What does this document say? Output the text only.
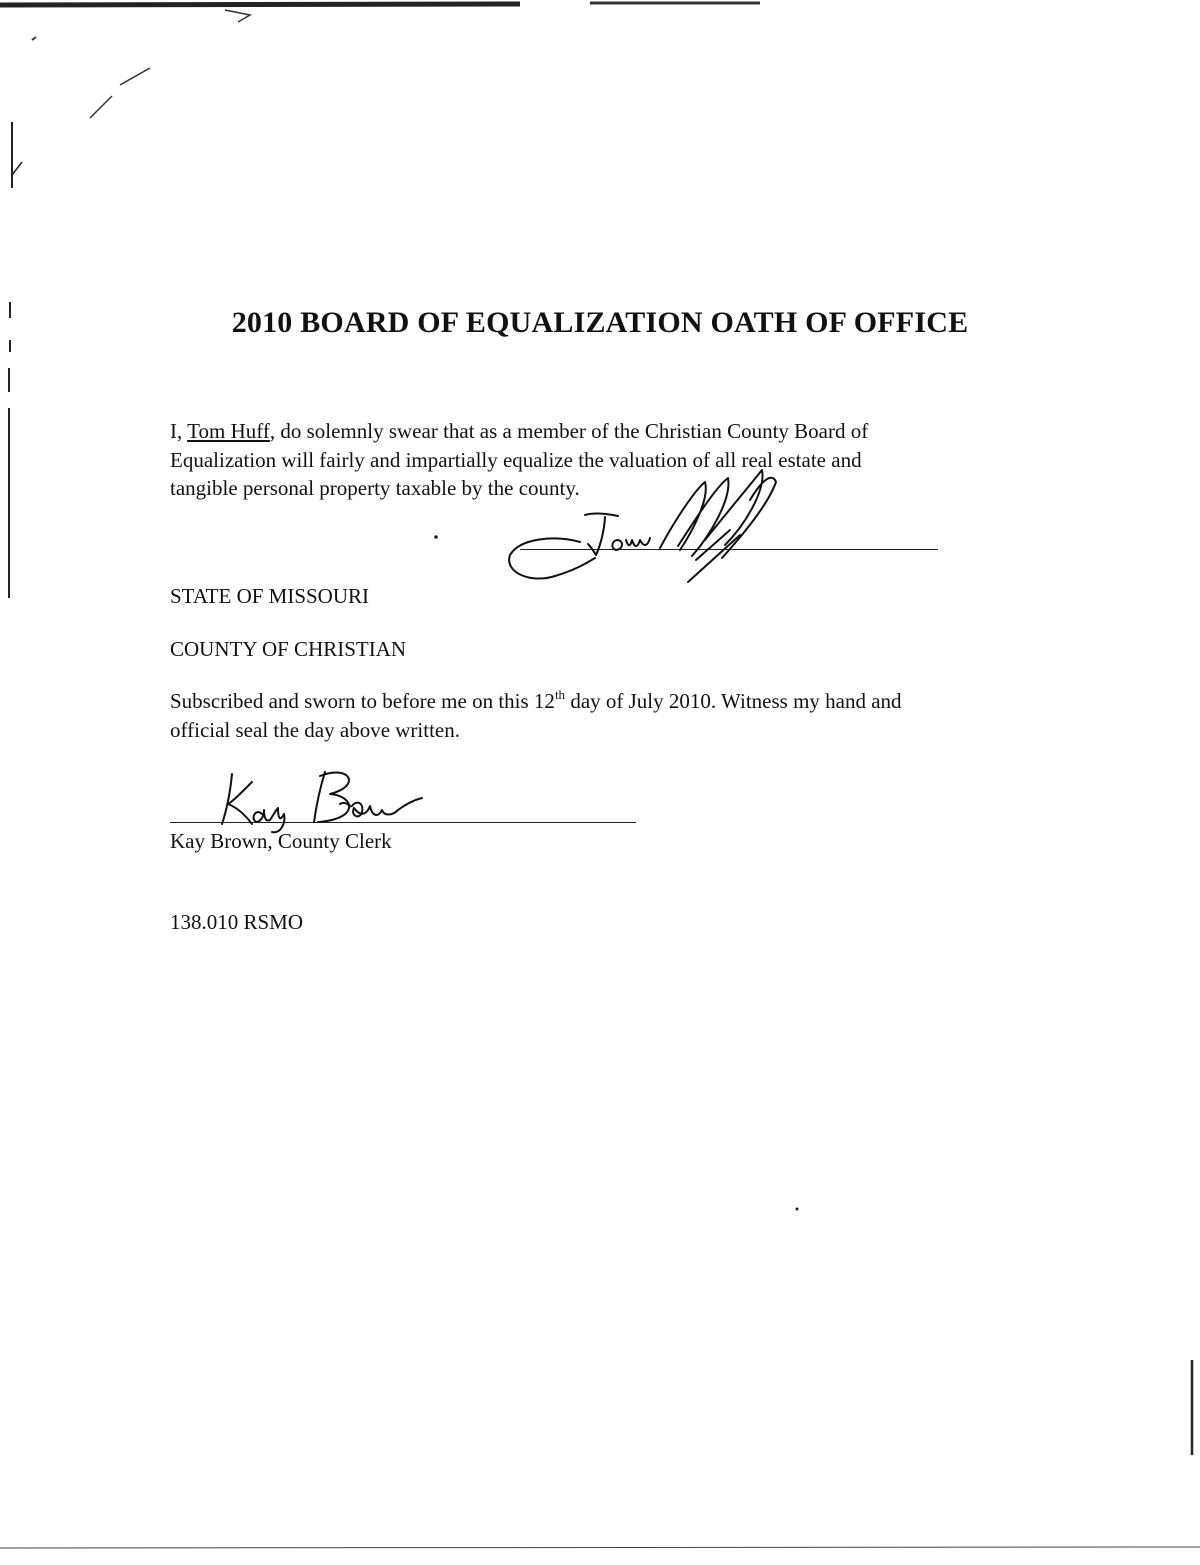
2010 BOARD OF EQUALIZATION OATH OF OFFICE
I, Tom Huff, do solemnly swear that as a member of the Christian County Board of
Equalization will fairly and impartially equalize the valuation of all real estate and
tangible personal property taxable by the county.
STATE OF MISSOURI
COUNTY OF CHRISTIAN
Subscribed and sworn to before me on this 12th day of July 2010. Witness my hand and
official seal the day above written.
Kay Brown, County Clerk
138.010 RSMO
